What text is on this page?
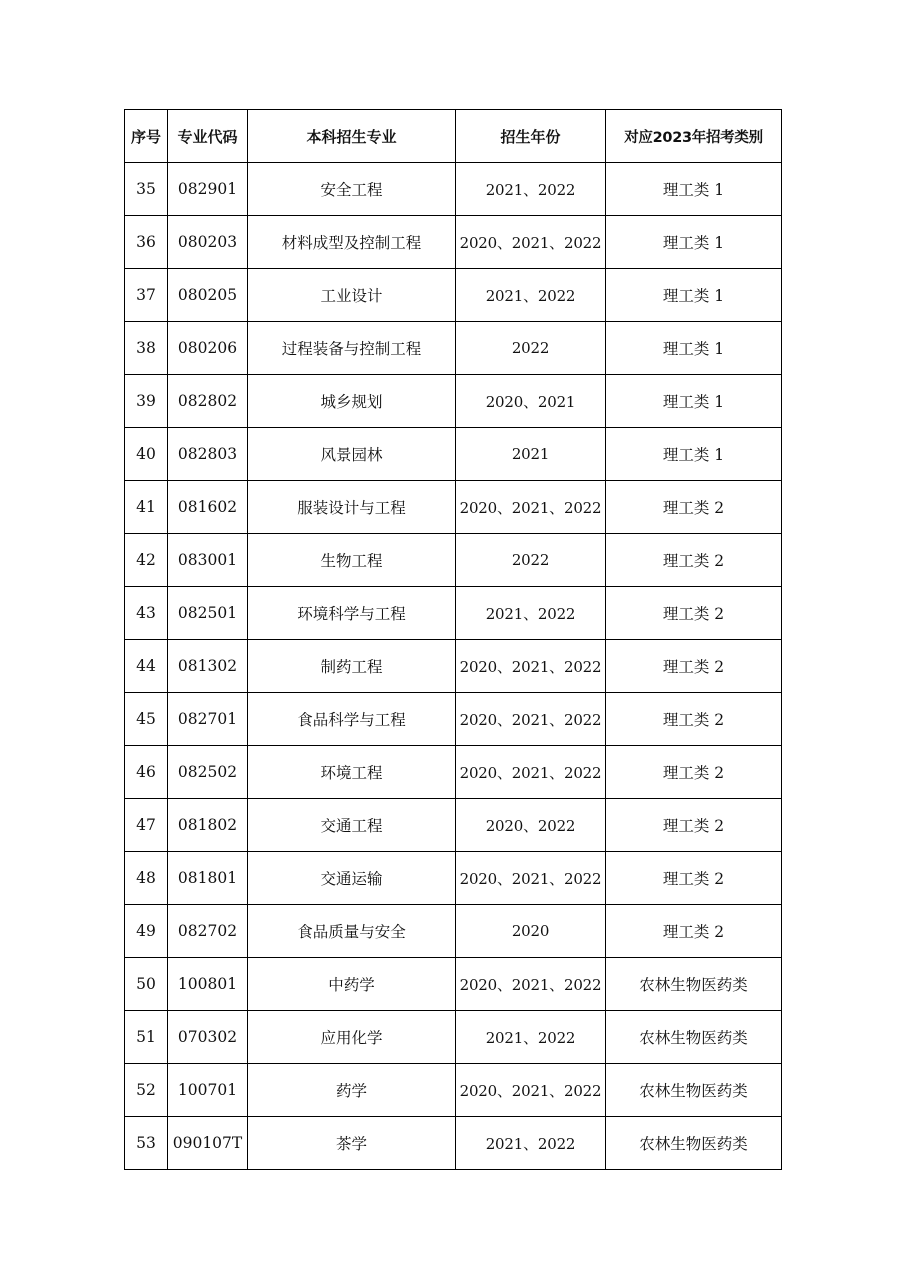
序号	专业代码	本科招生专业	招生年份	对应2023年招考类别
35	082901	安全工程	2021、2022	理工类 1
36	080203	材料成型及控制工程	2020、2021、2022	理工类 1
37	080205	工业设计	2021、2022	理工类 1
38	080206	过程装备与控制工程	2022	理工类 1
39	082802	城乡规划	2020、2021	理工类 1
40	082803	风景园林	2021	理工类 1
41	081602	服装设计与工程	2020、2021、2022	理工类 2
42	083001	生物工程	2022	理工类 2
43	082501	环境科学与工程	2021、2022	理工类 2
44	081302	制药工程	2020、2021、2022	理工类 2
45	082701	食品科学与工程	2020、2021、2022	理工类 2
46	082502	环境工程	2020、2021、2022	理工类 2
47	081802	交通工程	2020、2022	理工类 2
48	081801	交通运输	2020、2021、2022	理工类 2
49	082702	食品质量与安全	2020	理工类 2
50	100801	中药学	2020、2021、2022	农林生物医药类
51	070302	应用化学	2021、2022	农林生物医药类
52	100701	药学	2020、2021、2022	农林生物医药类
53	090107T	茶学	2021、2022	农林生物医药类
